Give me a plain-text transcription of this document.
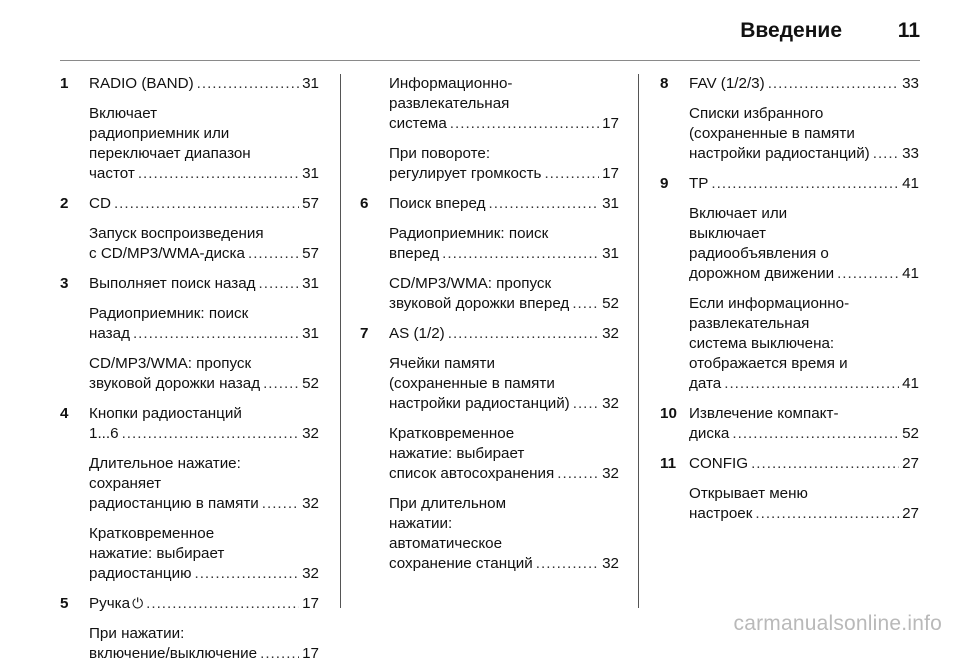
Введение	11
1	RADIO (BAND) .....	31
Включает
радиоприемник или
переключает диапазон
частот .....	31
2	CD .....	57
Запуск воспроизведения
с CD/MP3/WMA-диска .....	57
3	Выполняет поиск назад .....	31
Радиоприемник: поиск
назад .....	31
CD/MP3/WMA: пропуск
звуковой дорожки назад .....	52
4	Кнопки радиостанций
1...6 .....	32
Длительное нажатие:
сохраняет
радиостанцию в памяти .....	32
Кратковременное
нажатие: выбирает
радиостанцию .....	32
5	Ручка ⏻ .....	17
При нажатии:
включение/выключение .....	17
Информационно-
развлекательная
система .....	17
При повороте:
регулирует громкость .....	17
6	Поиск вперед .....	31
Радиоприемник: поиск
вперед .....	31
CD/MP3/WMA: пропуск
звуковой дорожки вперед ..... 52
7	AS (1/2) .....	32
Ячейки памяти
(сохраненные в памяти
настройки радиостанций) ..... 32
Кратковременное
нажатие: выбирает
список автосохранения .....	32
При длительном
нажатии:
автоматическое
сохранение станций .....	32
8	FAV (1/2/3) .....	33
Списки избранного
(сохраненные в памяти
настройки радиостанций) ..... 33
9	TP .....	41
Включает или
выключает
радиообъявления о
дорожном движении .....	41
Если информационно-
развлекательная
система выключена:
отображается время и
дата .....	41
10 Извлечение компакт-
диска .....	52
11 CONFIG .....	27
Открывает меню
настроек .....	27
carmanualsonline.info
